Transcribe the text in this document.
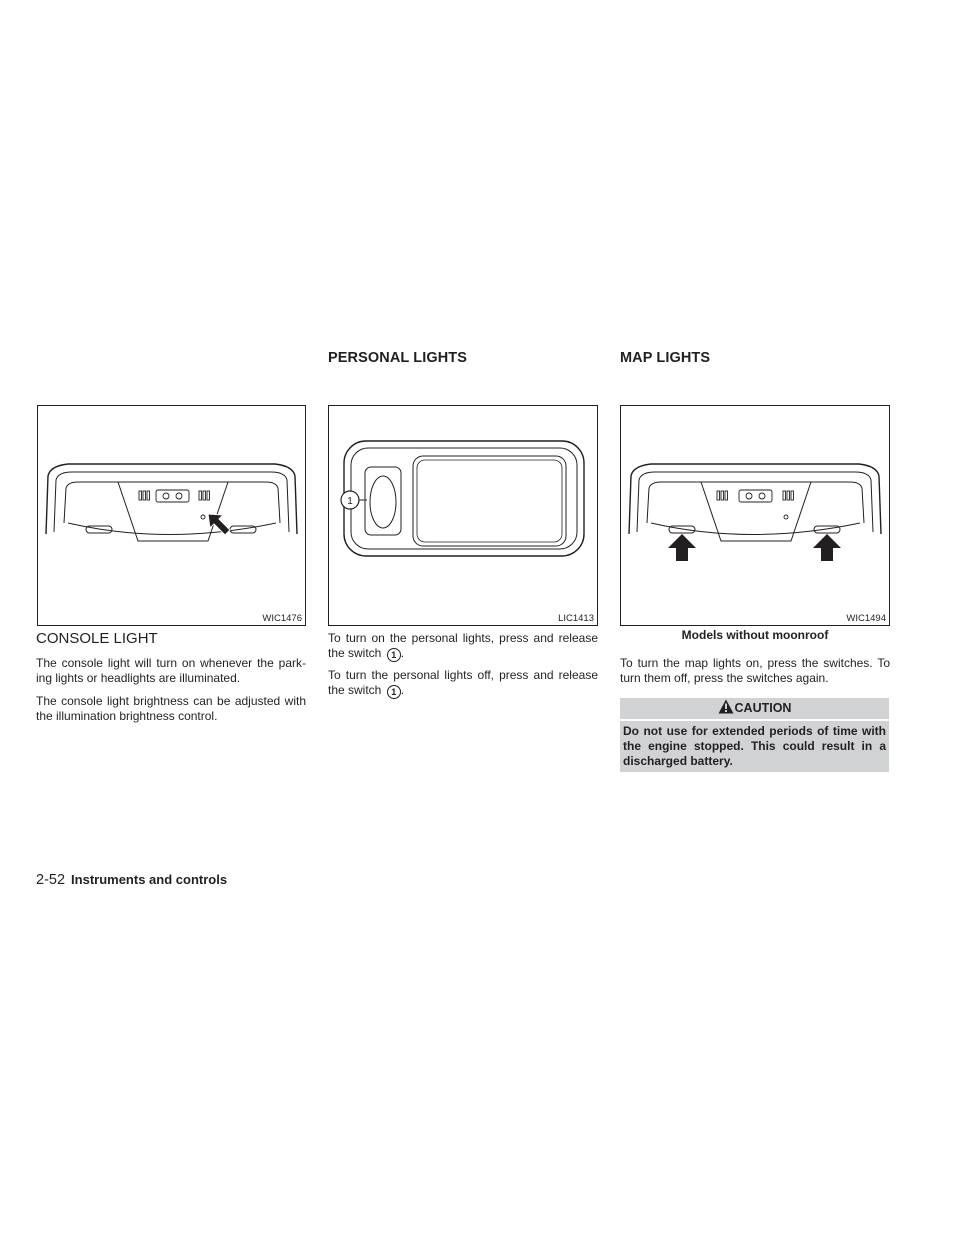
PERSONAL LIGHTS	MAP LIGHTS
WIC1476
1
LIC1413	WIC1494
CONSOLE LIGHT

The console light will turn on whenever the park-ing lights or headlights are illuminated.

The console light brightness can be adjusted with the illumination brightness control.

To turn on the personal lights, press and release the switch 1 .

To turn the personal lights off, press and release the switch 1 .

Models without moonroof

To turn the map lights on, press the switches. To turn them off, press the switches again.

CAUTION
Do not use for extended periods of time with the engine stopped. This could result in a discharged battery.
2-52 Instruments and controls
